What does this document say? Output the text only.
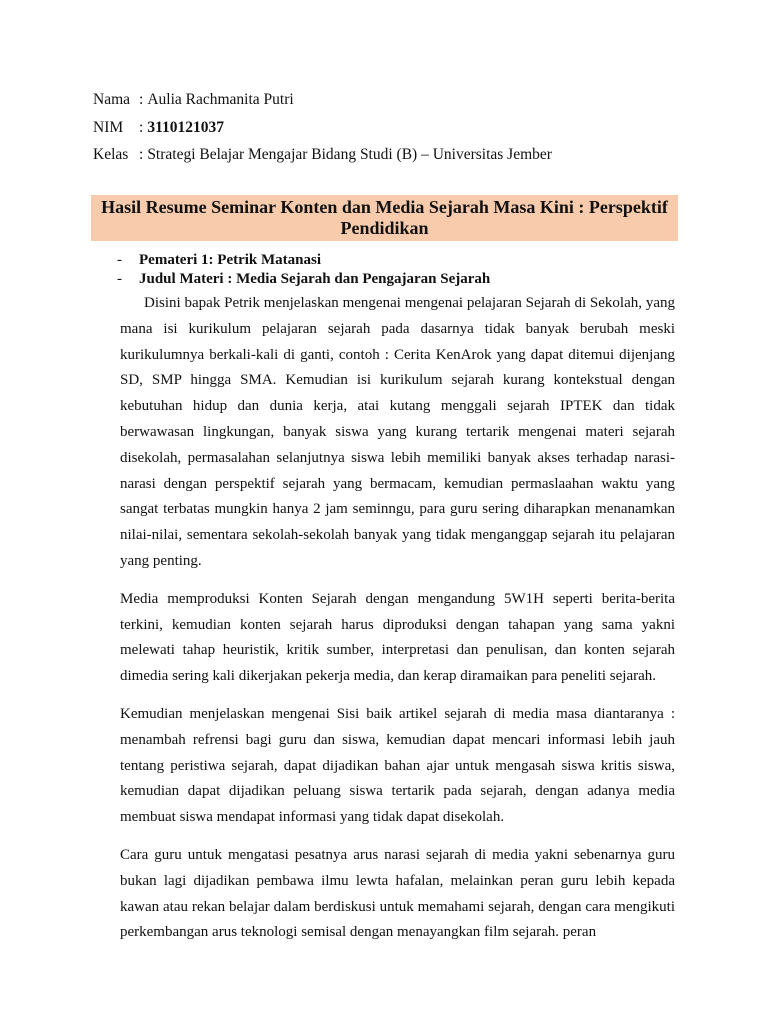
Nama : Aulia Rachmanita Putri
NIM	: 3110121037
Kelas : Strategi Belajar Mengajar Bidang Studi (B) – Universitas Jember
Hasil Resume Seminar Konten dan Media Sejarah Masa Kini : Perspektif
Pendidikan
-	Pemateri 1: Petrik Matanasi
-	Judul Materi : Media Sejarah dan Pengajaran Sejarah

Disini bapak Petrik menjelaskan mengenai mengenai pelajaran Sejarah di Sekolah, yang mana isi kurikulum pelajaran sejarah pada dasarnya tidak banyak berubah meski kurikulumnya berkali-kali di ganti, contoh : Cerita KenArok yang dapat ditemui dijenjang SD, SMP hingga SMA. Kemudian isi kurikulum sejarah kurang kontekstual dengan kebutuhan hidup dan dunia kerja, atai kutang menggali sejarah IPTEK dan tidak berwawasan lingkungan, banyak siswa yang kurang tertarik mengenai materi sejarah disekolah, permasalahan selanjutnya siswa lebih memiliki banyak akses terhadap narasi-narasi dengan perspektif sejarah yang bermacam, kemudian permaslaahan waktu yang sangat terbatas mungkin hanya 2 jam seminngu, para guru sering diharapkan menanamkan nilai-nilai, sementara sekolah-sekolah banyak yang tidak menganggap sejarah itu pelajaran yang penting.

Media memproduksi Konten Sejarah dengan mengandung 5W1H seperti berita-berita terkini, kemudian konten sejarah harus diproduksi dengan tahapan yang sama yakni melewati tahap heuristik, kritik sumber, interpretasi dan penulisan, dan konten sejarah dimedia sering kali dikerjakan pekerja media, dan kerap diramaikan para peneliti sejarah.

Kemudian menjelaskan mengenai Sisi baik artikel sejarah di media masa diantaranya : menambah refrensi bagi guru dan siswa, kemudian dapat mencari informasi lebih jauh tentang peristiwa sejarah, dapat dijadikan bahan ajar untuk mengasah siswa kritis siswa, kemudian dapat dijadikan peluang siswa tertarik pada sejarah, dengan adanya media membuat siswa mendapat informasi yang tidak dapat disekolah.

Cara guru untuk mengatasi pesatnya arus narasi sejarah di media yakni sebenarnya guru bukan lagi dijadikan pembawa ilmu lewta hafalan, melainkan peran guru lebih kepada kawan atau rekan belajar dalam berdiskusi untuk memahami sejarah, dengan cara mengikuti perkembangan arus teknologi semisal dengan menayangkan film sejarah. peran
